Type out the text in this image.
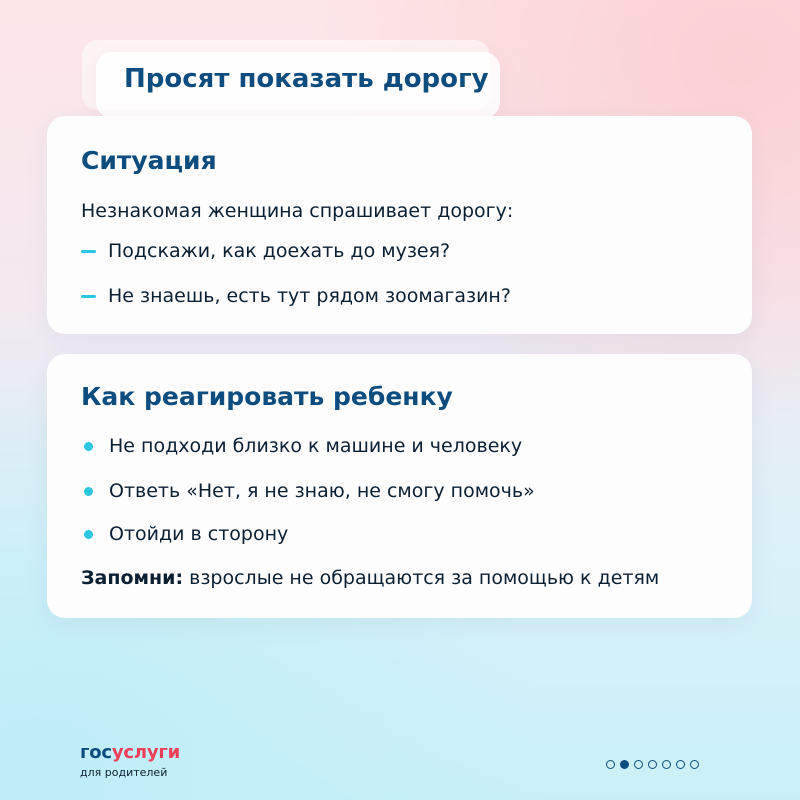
Просят показать дорогу
Ситуация
Незнакомая женщина спрашивает дорогу:
Подскажи, как доехать до музея?
Не знаешь, есть тут рядом зоомагазин?
Как реагировать ребенку
Не подходи близко к машине и человеку
Ответь «Нет, я не знаю, не смогу помочь»
Отойди в сторону
Запомни: взрослые не обращаются за помощью к детям
госуслуги
для родителей
